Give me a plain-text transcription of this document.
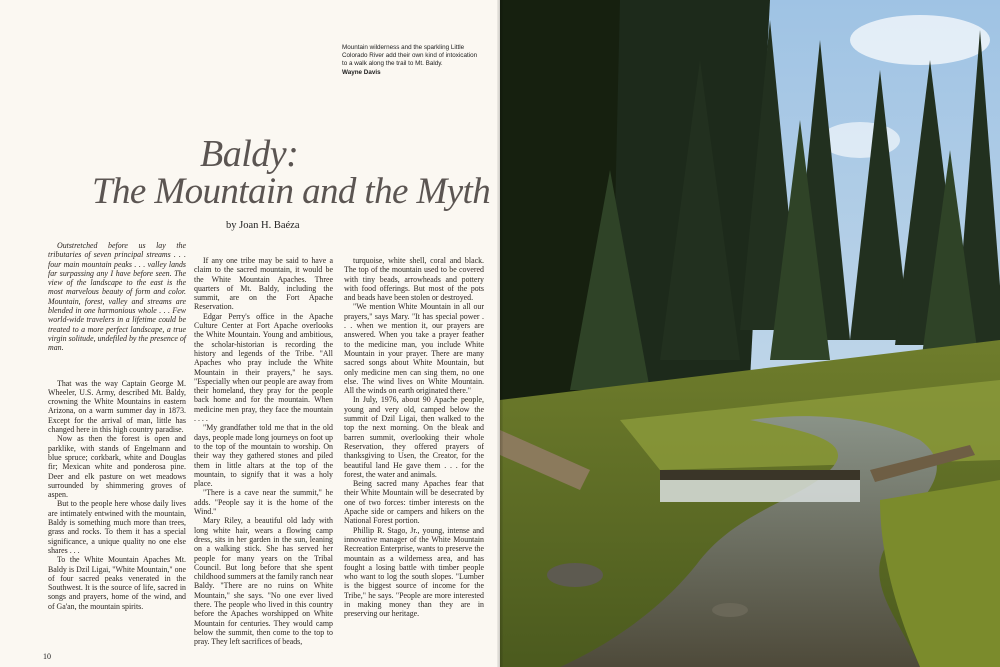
Mountain wilderness and the sparkling Little Colorado River add their own kind of intoxication to a walk along the trail to Mt. Baldy.
Wayne Davis
Baldy:
The Mountain and the Myth
by Joan H. Baéza

Outstretched before us lay the tributaries of seven principal streams . . . four main mountain peaks . . . valley lands far surpassing any I have before seen. The view of the landscape to the east is the most marvelous beauty of form and color. Mountain, forest, valley and streams are blended in one harmonious whole . . . Few world-wide travelers in a lifetime could be treated to a more perfect landscape, a true virgin solitude, undefiled by the presence of man.

That was the way Captain George M. Wheeler, U.S. Army, described Mt. Baldy, crowning the White Mountains in eastern Arizona, on a warm summer day in 1873. Except for the arrival of man, little has changed here in this high country paradise.

Now as then the forest is open and parklike, with stands of Engelmann and blue spruce; corkbark, white and Douglas fir; Mexican white and ponderosa pine. Deer and elk pasture on wet meadows surrounded by shimmering groves of aspen.

But to the people here whose daily lives are intimately entwined with the mountain, Baldy is something much more than trees, grass and rocks. To them it has a special significance, a unique quality no one else shares . . .

To the White Mountain Apaches Mt. Baldy is Dzil Ligai, "White Mountain," one of four sacred peaks venerated in the Southwest. It is the source of life, sacred in songs and prayers, home of the wind, and of Ga'an, the mountain spirits.

If any one tribe may be said to have a claim to the sacred mountain, it would be the White Mountain Apaches. Three quarters of Mt. Baldy, including the summit, are on the Fort Apache Reservation.

Edgar Perry's office in the Apache Culture Center at Fort Apache overlooks the White Mountain. Young and ambitious, the scholar-historian is recording the history and legends of the Tribe. "All Apaches who pray include the White Mountain in their prayers," he says. "Especially when our people are away from their homeland, they pray for the people back home and for the mountain. When medicine men pray, they face the mountain . . . .

"My grandfather told me that in the old days, people made long journeys on foot up to the top of the mountain to worship. On their way they gathered stones and piled them in little altars at the top of the mountain, to signify that it was a holy place.

"There is a cave near the summit," he adds. "People say it is the home of the Wind."

Mary Riley, a beautiful old lady with long white hair, wears a flowing camp dress, sits in her garden in the sun, leaning on a walking stick. She has served her people for many years on the Tribal Council. But long before that she spent childhood summers at the family ranch near Baldy. "There are no ruins on White Mountain," she says. "No one ever lived there. The people who lived in this country before the Apaches worshipped on White Mountain for centuries. They would camp below the summit, then come to the top to pray. They left sacrifices of beads,

turquoise, white shell, coral and black. The top of the mountain used to be covered with tiny beads, arrowheads and pottery with food offerings. But most of the pots and beads have been stolen or destroyed.

"We mention White Mountain in all our prayers," says Mary. "It has special power . . . when we mention it, our prayers are answered. When you take a prayer feather to the medicine man, you include White Mountain in your prayer. There are many sacred songs about White Mountain, but only medicine men can sing them, no one else. The wind lives on White Mountain. All the winds on earth originated there."

In July, 1976, about 90 Apache people, young and very old, camped below the summit of Dzil Ligai, then walked to the top the next morning. On the bleak and barren summit, overlooking their whole Reservation, they offered prayers of thanksgiving to Usen, the Creator, for the beautiful land He gave them . . . for the forest, the water and animals.

Being sacred many Apaches fear that their White Mountain will be desecrated by one of two forces: timber interests on the Apache side or campers and hikers on the National Forest portion.

Phillip R. Stago, Jr., young, intense and innovative manager of the White Mountain Recreation Enterprise, wants to preserve the mountain as a wilderness area, and has fought a losing battle with timber people who want to log the south slopes. "Lumber is the biggest source of income for the Tribe," he says. "People are more interested in making money than they are in preserving our heritage.

10
